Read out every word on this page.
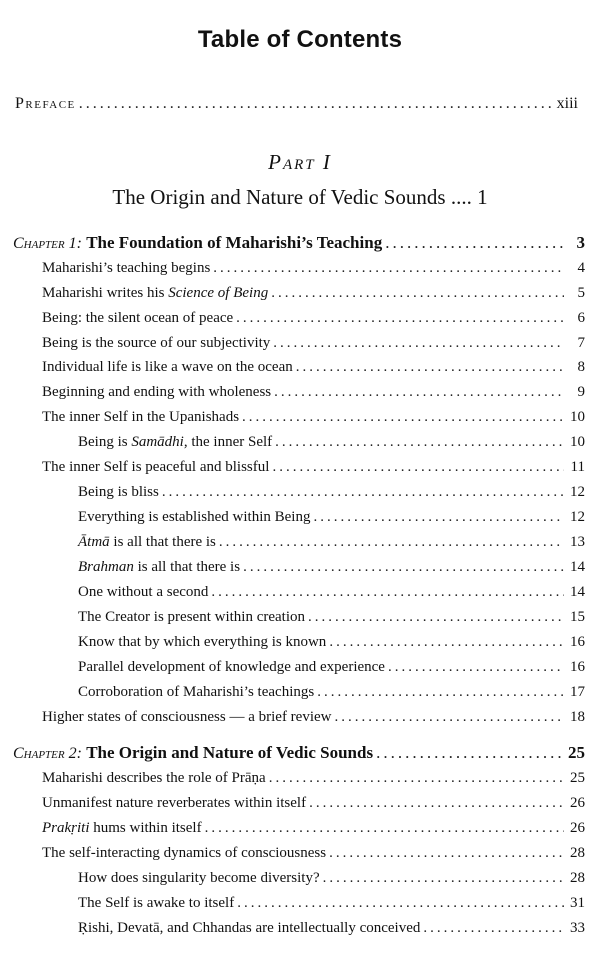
Table of Contents
Preface .....	xiii
Part I
The Origin and Nature of Vedic Sounds .... 1
Chapter 1: The Foundation of Maharishi’s Teaching .....	3
Maharishi’s teaching begins .....	4
Maharishi writes his Science of Being .....	5
Being: the silent ocean of peace .....	6
Being is the source of our subjectivity .....	7
Individual life is like a wave on the ocean .....	8
Beginning and ending with wholeness .....	9
The inner Self in the Upanishads .....	10
Being is Samādhi, the inner Self .....	10
The inner Self is peaceful and blissful .....	11
Being is bliss .....	12
Everything is established within Being .....	12
Ātmā is all that there is .....	13
Brahman is all that there is .....	14
One without a second .....	14
The Creator is present within creation .....	15
Know that by which everything is known .....	16
Parallel development of knowledge and experience .....	16
Corroboration of Maharishi’s teachings .....	17
Higher states of consciousness — a brief review .....	18
Chapter 2: The Origin and Nature of Vedic Sounds .....	25
Maharishi describes the role of Prāṇa .....	25
Unmanifest nature reverberates within itself .....	26
Prakṛiti hums within itself .....	26
The self-interacting dynamics of consciousness .....	28
How does singularity become diversity? .....	28
The Self is awake to itself .....	31
Ṛishi, Devatā, and Chhandas are intellectually conceived .....	33
